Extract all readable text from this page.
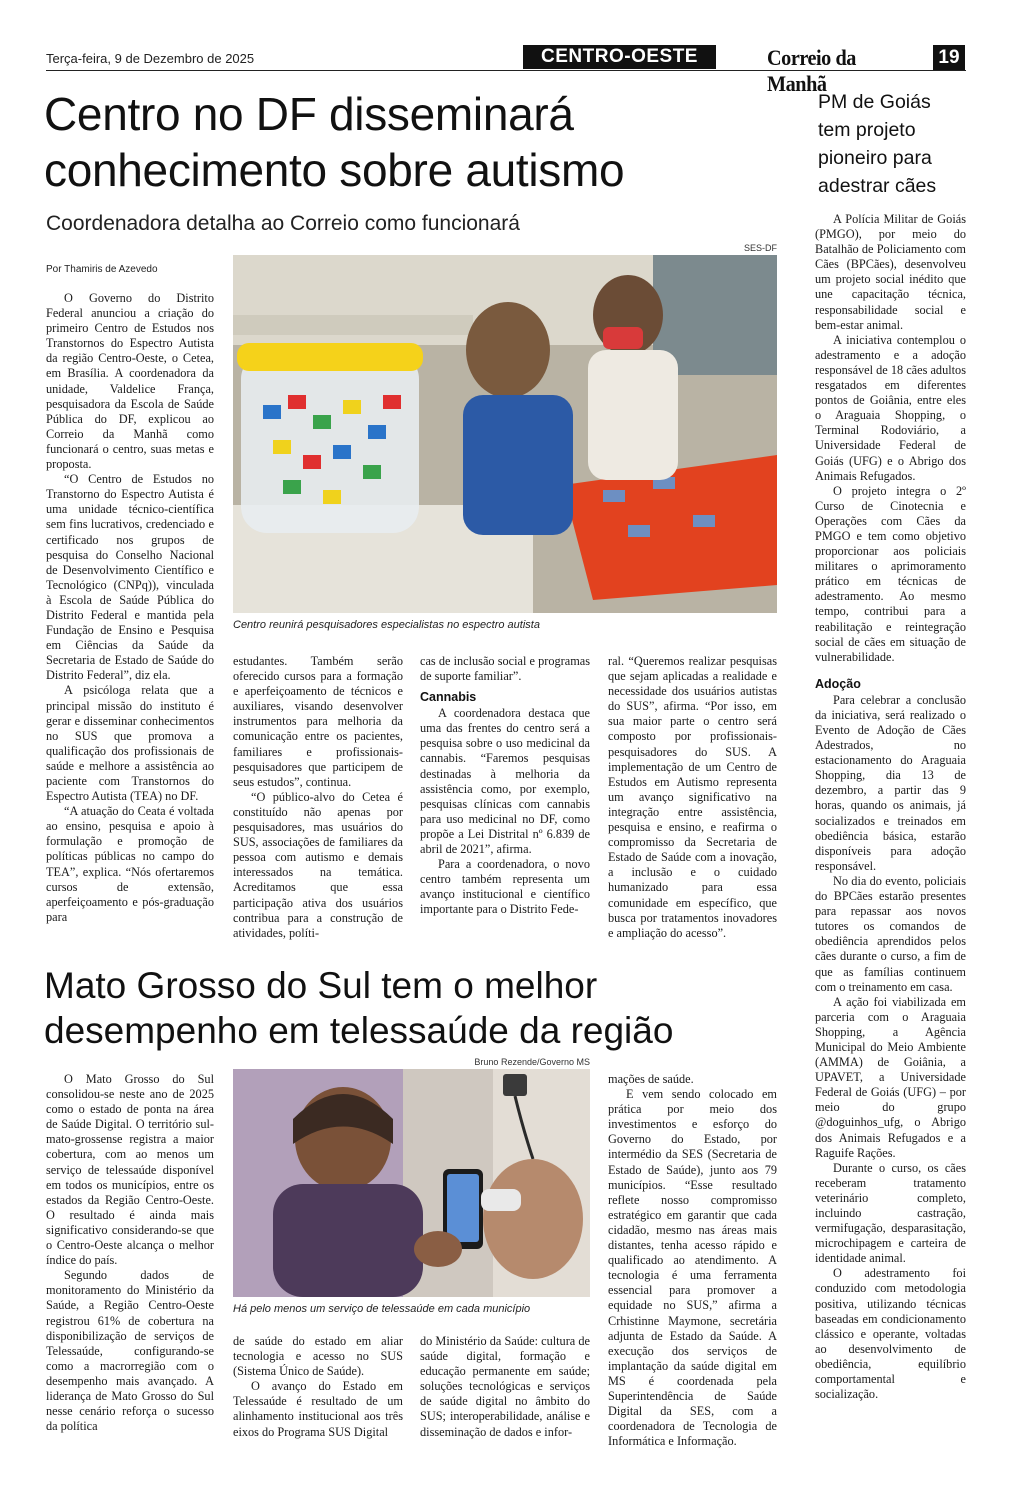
Terça-feira, 9 de Dezembro de 2025	CENTRO-OESTE	Correio da Manhã
19
Centro no DF disseminará
conhecimento sobre autismo
Coordenadora detalha ao Correio como funcionará
Por Thamiris de Azevedo
SES-DF
Centro reunirá pesquisadores especialistas no espectro autista

O Governo do Distrito Federal anunciou a criação do primeiro Centro de Estudos nos Transtornos do Espectro Autista da região Centro-Oeste, o Cetea, em Brasília. A coordenadora da unidade, Valdelice França, pesquisadora da Escola de Saúde Pública do DF, explicou ao Correio da Manhã como funcionará o centro, suas metas e proposta.

“O Centro de Estudos no Transtorno do Espectro Autista é uma unidade técnico-científica sem fins lucrativos, credenciado e certificado nos grupos de pesquisa do Conselho Nacional de Desenvolvimento Científico e Tecnológico (CNPq)), vinculada à Escola de Saúde Pública do Distrito Federal e mantida pela Fundação de Ensino e Pesquisa em Ciências da Saúde da Secretaria de Estado de Saúde do Distrito Federal”, diz ela.

A psicóloga relata que a principal missão do instituto é gerar e disseminar conhecimentos no SUS que promova a qualificação dos profissionais de saúde e melhore a assistência ao paciente com Transtornos do Espectro Autista (TEA) no DF.

“A atuação do Ceata é voltada ao ensino, pesquisa e apoio à formulação e promoção de políticas públicas no campo do TEA”, explica. “Nós ofertaremos cursos de extensão, aperfeiçoamento e pós-graduação para

estudantes. Também serão oferecido cursos para a formação e aperfeiçoamento de técnicos e auxiliares, visando desenvolver instrumentos para melhoria da comunicação entre os pacientes, familiares e profissionais-pesquisadores que participem de seus estudos”, continua.

“O público-alvo do Cetea é constituído não apenas por pesquisadores, mas usuários do SUS, associações de familiares da pessoa com autismo e demais interessados na temática. Acreditamos que essa participação ativa dos usuários contribua para a construção de atividades, políti-

cas de inclusão social e programas de suporte familiar”.

Cannabis

A coordenadora destaca que uma das frentes do centro será a pesquisa sobre o uso medicinal da cannabis. “Faremos pesquisas destinadas à melhoria da assistência como, por exemplo, pesquisas clínicas com cannabis para uso medicinal no DF, como propõe a Lei Distrital nº 6.839 de abril de 2021”, afirma.

Para a coordenadora, o novo centro também representa um avanço institucional e científico importante para o Distrito Fede-

ral. “Queremos realizar pesquisas que sejam aplicadas a realidade e necessidade dos usuários autistas do SUS”, afirma. “Por isso, em sua maior parte o centro será composto por profissionais-pesquisadores do SUS. A implementação de um Centro de Estudos em Autismo representa um avanço significativo na integração entre assistência, pesquisa e ensino, e reafirma o compromisso da Secretaria de Estado de Saúde com a inovação, a inclusão e o cuidado humanizado para essa comunidade em específico, que busca por tratamentos inovadores e ampliação do acesso”.

PM de Goiás tem projeto pioneiro para adestrar cães

A Polícia Militar de Goiás (PMGO), por meio do Batalhão de Policiamento com Cães (BPCães), desenvolveu um projeto social inédito que une capacitação técnica, responsabilidade social e bem-estar animal.

A iniciativa contemplou o adestramento e a adoção responsável de 18 cães adultos resgatados em diferentes pontos de Goiânia, entre eles o Araguaia Shopping, o Terminal Rodoviário, a Universidade Federal de Goiás (UFG) e o Abrigo dos Animais Refugados.

O projeto integra o 2º Curso de Cinotecnia e Operações com Cães da PMGO e tem como objetivo proporcionar aos policiais militares o aprimoramento prático em técnicas de adestramento. Ao mesmo tempo, contribui para a reabilitação e reintegração social de cães em situação de vulnerabilidade.

Adoção

Para celebrar a conclusão da iniciativa, será realizado o Evento de Adoção de Cães Adestrados, no estacionamento do Araguaia Shopping, dia 13 de dezembro, a partir das 9 horas, quando os animais, já socializados e treinados em obediência básica, estarão disponíveis para adoção responsável.

No dia do evento, policiais do BPCães estarão presentes para repassar aos novos tutores os comandos de obediência aprendidos pelos cães durante o curso, a fim de que as famílias continuem com o treinamento em casa.

A ação foi viabilizada em parceria com o Araguaia Shopping, a Agência Municipal do Meio Ambiente (AMMA) de Goiânia, a UPAVET, a Universidade Federal de Goiás (UFG) – por meio do grupo @doguinhos_ufg, o Abrigo dos Animais Refugados e a Raguife Rações.

Durante o curso, os cães receberam tratamento veterinário completo, incluindo castração, vermifugação, desparasitação, microchipagem e carteira de identidade animal.

O adestramento foi conduzido com metodologia positiva, utilizando técnicas baseadas em condicionamento clássico e operante, voltadas ao desenvolvimento de obediência, equilíbrio comportamental e socialização.

Mato Grosso do Sul tem o melhor
desempenho em telessaúde da região
Bruno Rezende/Governo MS
Há pelo menos um serviço de telessaúde em cada município

O Mato Grosso do Sul consolidou-se neste ano de 2025 como o estado de ponta na área de Saúde Digital. O território sul-mato-grossense registra a maior cobertura, com ao menos um serviço de telessaúde disponível em todos os municípios, entre os estados da Região Centro-Oeste. O resultado é ainda mais significativo considerando-se que o Centro-Oeste alcança o melhor índice do país.

Segundo dados de monitoramento do Ministério da Saúde, a Região Centro-Oeste registrou 61% de cobertura na disponibilização de serviços de Telessaúde, configurando-se como a macrorregião com o desempenho mais avançado. A liderança de Mato Grosso do Sul nesse cenário reforça o sucesso da política

de saúde do estado em aliar tecnologia e acesso no SUS (Sistema Único de Saúde).

O avanço do Estado em Telessaúde é resultado de um alinhamento institucional aos três eixos do Programa SUS Digital

do Ministério da Saúde: cultura de saúde digital, formação e educação permanente em saúde; soluções tecnológicas e serviços de saúde digital no âmbito do SUS; interoperabilidade, análise e disseminação de dados e infor-

mações de saúde.

E vem sendo colocado em prática por meio dos investimentos e esforço do Governo do Estado, por intermédio da SES (Secretaria de Estado de Saúde), junto aos 79 municípios. “Esse resultado reflete nosso compromisso estratégico em garantir que cada cidadão, mesmo nas áreas mais distantes, tenha acesso rápido e qualificado ao atendimento. A tecnologia é uma ferramenta essencial para promover a equidade no SUS,” afirma a Crhistinne Maymone, secretária adjunta de Estado da Saúde. A execução dos serviços de implantação da saúde digital em MS é coordenada pela Superintendência de Saúde Digital da SES, com a coordenadora de Tecnologia de Informática e Informação.
